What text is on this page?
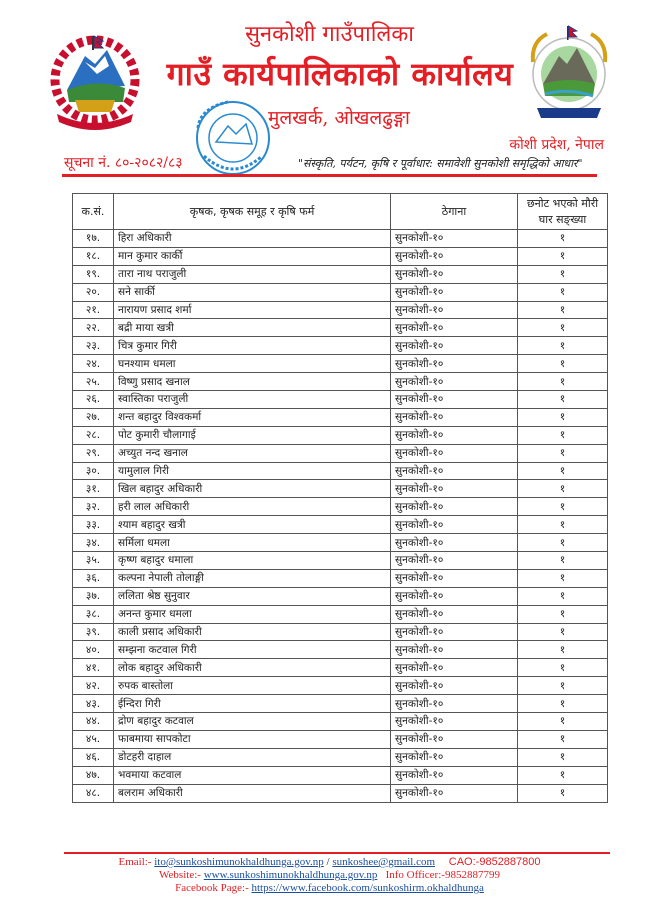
सुनकोशी गाउँपालिका
गाउँ कार्यपालिकाको कार्यालय
मुलखर्क, ओखलढुङ्गा
कोशी प्रदेश, नेपाल
सूचना नं. ८०-२०८२/८३	"संस्कृति, पर्यटन, कृषि र पूर्वाधार: समावेशी सुनकोशी समृद्धिको आधार"
क.सं.	कृषक, कृषक समूह र कृषि फर्म	ठेगाना	छनोट भएको मौरी घार सङ्ख्या
१७.	हिरा अधिकारी	सुनकोशी-१०	१
१८.	मान कुमार कार्की	सुनकोशी-१०	१
१९.	तारा नाथ पराजुली	सुनकोशी-१०	१
२०.	सने सार्की	सुनकोशी-१०	१
२१.	नारायण प्रसाद शर्मा	सुनकोशी-१०	१
२२.	बद्री माया खत्री	सुनकोशी-१०	१
२३.	चित्र कुमार गिरी	सुनकोशी-१०	१
२४.	घनश्याम धमला	सुनकोशी-१०	१
२५.	विष्णु प्रसाद खनाल	सुनकोशी-१०	१
२६.	स्वास्तिका पराजुली	सुनकोशी-१०	१
२७.	शन्त बहादुर विश्वकर्मा	सुनकोशी-१०	१
२८.	पोट कुमारी चौलागाई	सुनकोशी-१०	१
२९.	अच्युत नन्द खनाल	सुनकोशी-१०	१
३०.	यामुलाल गिरी	सुनकोशी-१०	१
३१.	खिल बहादुर अधिकारी	सुनकोशी-१०	१
३२.	हरी लाल अधिकारी	सुनकोशी-१०	१
३३.	श्याम बहादुर खत्री	सुनकोशी-१०	१
३४.	सर्मिला धमला	सुनकोशी-१०	१
३५.	कृष्ण बहादुर धमाला	सुनकोशी-१०	१
३६.	कल्पना नेपाली तोलाङ्गी	सुनकोशी-१०	१
३७.	ललिता श्रेष्ठ सुनुवार	सुनकोशी-१०	१
३८.	अनन्त कुमार धमला	सुनकोशी-१०	१
३९.	काली प्रसाद अधिकारी	सुनकोशी-१०	१
४०.	सम्झना कटवाल गिरी	सुनकोशी-१०	१
४१.	लोक बहादुर अधिकारी	सुनकोशी-१०	१
४२.	रुपक बास्तोला	सुनकोशी-१०	१
४३.	ईन्दिरा गिरी	सुनकोशी-१०	१
४४.	द्रोण बहादुर कटवाल	सुनकोशी-१०	१
४५.	फाबमाया सापकोटा	सुनकोशी-१०	१
४६.	डोटहरी दाहाल	सुनकोशी-१०	१
४७.	भवमाया कटवाल	सुनकोशी-१०	१
४८.	बलराम अधिकारी	सुनकोशी-१०	१
Email:- ito@sunkoshimunokhaldhunga.gov.np / sunkoshee@gmail.com CAO:-9852887800
Website:- www.sunkoshimunokhaldhunga.gov.np Info Officer:-9852887799
Facebook Page:- https://www.facebook.com/sunkoshirm.okhaldhunga
